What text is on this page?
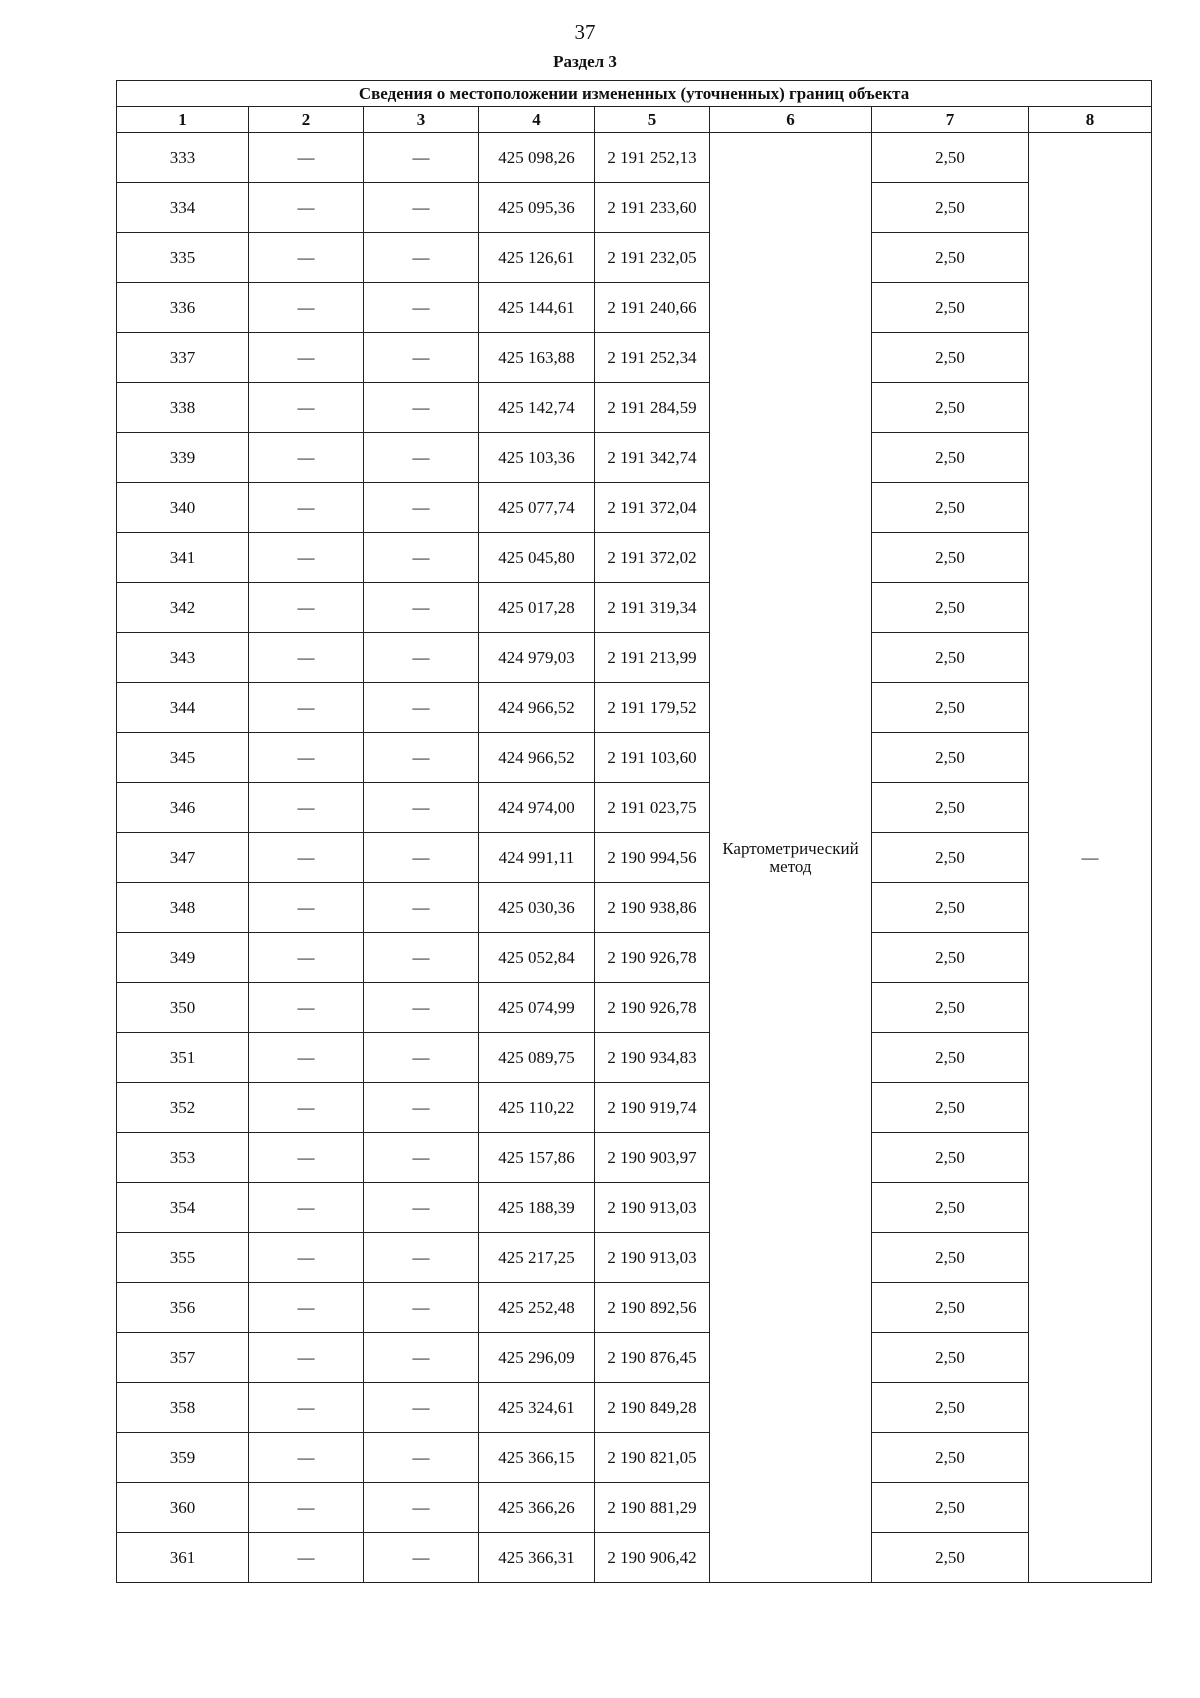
37
Раздел 3
Сведения о местоположении измененных (уточненных) границ объекта							
1	2	3	4	5	6	7	8
333	—	—	425 098,26	2 191 252,13	Картометрический метод	2,50	—
334	—	—	425 095,36	2 191 233,60		2,50	
335	—	—	425 126,61	2 191 232,05		2,50	
336	—	—	425 144,61	2 191 240,66		2,50	
337	—	—	425 163,88	2 191 252,34		2,50	
338	—	—	425 142,74	2 191 284,59		2,50	
339	—	—	425 103,36	2 191 342,74		2,50	
340	—	—	425 077,74	2 191 372,04		2,50	
341	—	—	425 045,80	2 191 372,02		2,50	
342	—	—	425 017,28	2 191 319,34		2,50	
343	—	—	424 979,03	2 191 213,99		2,50	
344	—	—	424 966,52	2 191 179,52		2,50	
345	—	—	424 966,52	2 191 103,60		2,50	
346	—	—	424 974,00	2 191 023,75		2,50	
347	—	—	424 991,11	2 190 994,56		2,50	
348	—	—	425 030,36	2 190 938,86		2,50	
349	—	—	425 052,84	2 190 926,78		2,50	
350	—	—	425 074,99	2 190 926,78		2,50	
351	—	—	425 089,75	2 190 934,83		2,50	
352	—	—	425 110,22	2 190 919,74		2,50	
353	—	—	425 157,86	2 190 903,97		2,50	
354	—	—	425 188,39	2 190 913,03		2,50	
355	—	—	425 217,25	2 190 913,03		2,50	
356	—	—	425 252,48	2 190 892,56		2,50	
357	—	—	425 296,09	2 190 876,45		2,50	
358	—	—	425 324,61	2 190 849,28		2,50	
359	—	—	425 366,15	2 190 821,05		2,50	
360	—	—	425 366,26	2 190 881,29		2,50	
361	—	—	425 366,31	2 190 906,42		2,50	
